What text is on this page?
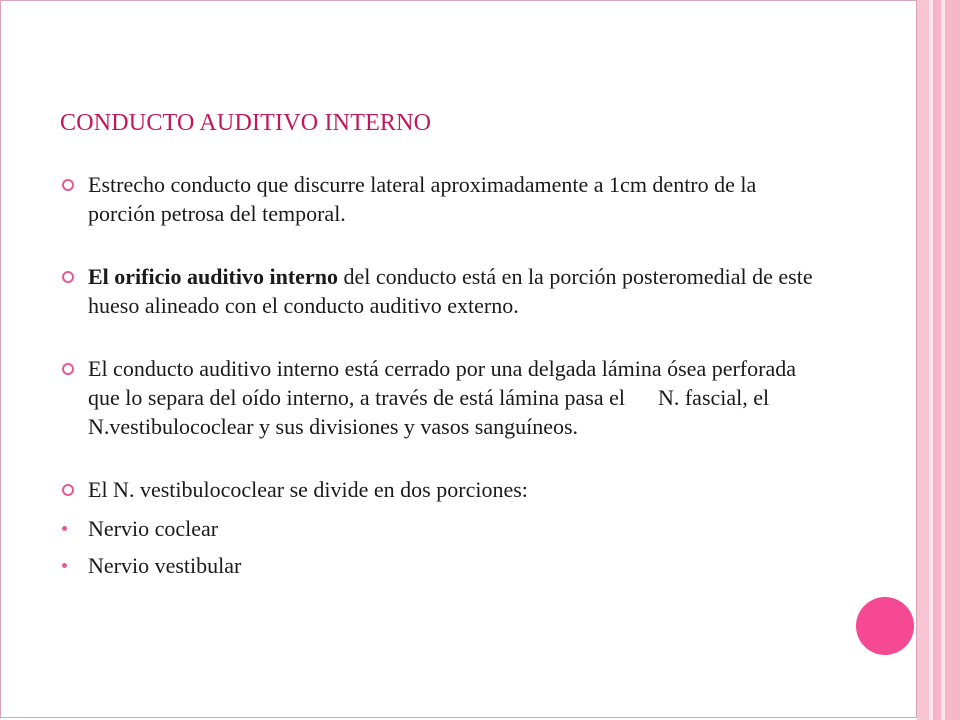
CONDUCTO AUDITIVO INTERNO
Estrecho conducto que discurre lateral aproximadamente a 1cm dentro de la porción petrosa del temporal.
El orificio auditivo interno del conducto está en la porción posteromedial de este hueso alineado con el conducto auditivo externo.
El conducto auditivo interno está cerrado por una delgada lámina ósea perforada que lo separa del oído interno, a través de está lámina pasa el      N. fascial, el N.vestibulococlear y sus divisiones y vasos sanguíneos.
El N. vestibulococlear se divide en dos porciones:
Nervio coclear
Nervio vestibular
